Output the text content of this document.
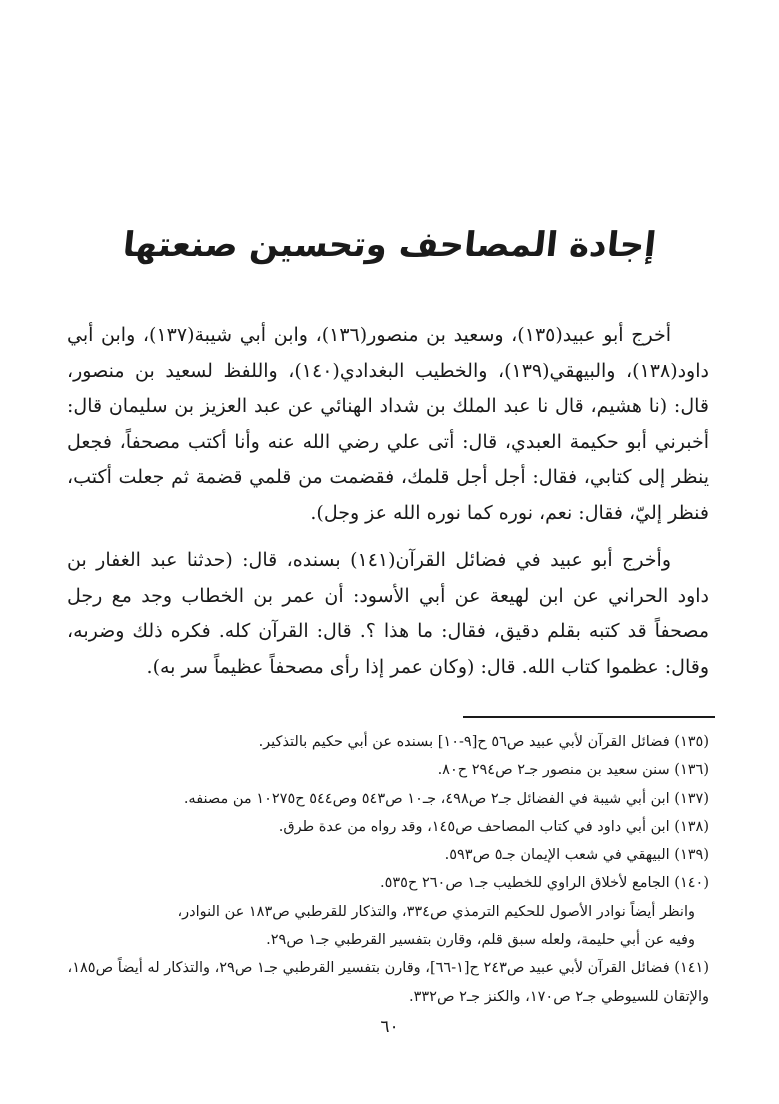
إجادة المصاحف وتحسين صنعتها

أخرج أبو عبيد(١٣٥)، وسعيد بن منصور(١٣٦)، وابن أبي شيبة(١٣٧)، وابن أبي داود(١٣٨)، والبيهقي(١٣٩)، والخطيب البغدادي(١٤٠)، واللفظ لسعيد بن منصور، قال: (نا هشيم، قال نا عبد الملك بن شداد الهنائي عن عبد العزيز بن سليمان قال: أخبرني أبو حكيمة العبدي، قال: أتى علي رضي الله عنه وأنا أكتب مصحفاً، فجعل ينظر إلى كتابي، فقال: أجل أجل قلمك، فقضمت من قلمي قضمة ثم جعلت أكتب، فنظر إليّ، فقال: نعم، نوره كما نوره الله عز وجل).

وأخرج أبو عبيد في فضائل القرآن(١٤١) بسنده، قال: (حدثنا عبد الغفار بن داود الحراني عن ابن لهيعة عن أبي الأسود: أن عمر بن الخطاب وجد مع رجل مصحفاً قد كتبه بقلم دقيق، فقال: ما هذا ؟. قال: القرآن كله. فكره ذلك وضربه، وقال: عظموا كتاب الله. قال: (وكان عمر إذا رأى مصحفاً عظيماً سر به).

(١٣٥) فضائل القرآن لأبي عبيد ص٥٦ ح[٩-١٠] بسنده عن أبي حكيم بالتذكير.

(١٣٦) سنن سعيد بن منصور جـ٢ ص٢٩٤ ح٨٠.

(١٣٧) ابن أبي شيبة في الفضائل جـ٢ ص٤٩٨، جـ١٠ ص٥٤٣ وص٥٤٤ ح١٠٢٧٥ من مصنفه.

(١٣٨) ابن أبي داود في كتاب المصاحف ص١٤٥، وقد رواه من عدة طرق.

(١٣٩) البيهقي في شعب الإيمان جـ٥ ص٥٩٣.

(١٤٠) الجامع لأخلاق الراوي للخطيب جـ١ ص٢٦٠ ح٥٣٥.

وانظر أيضاً نوادر الأصول للحكيم الترمذي ص٣٣٤، والتذكار للقرطبي ص١٨٣ عن النوادر،

وفيه عن أبي حليمة، ولعله سبق قلم، وقارن بتفسير القرطبي جـ١ ص٢٩.

(١٤١) فضائل القرآن لأبي عبيد ص٢٤٣ ح[١-٦٦]، وقارن بتفسير القرطبي جـ١ ص٢٩، والتذكار له أيضاً ص١٨٥، والإتقان للسيوطي جـ٢ ص١٧٠، والكنز جـ٢ ص٣٣٢.

٦٠
